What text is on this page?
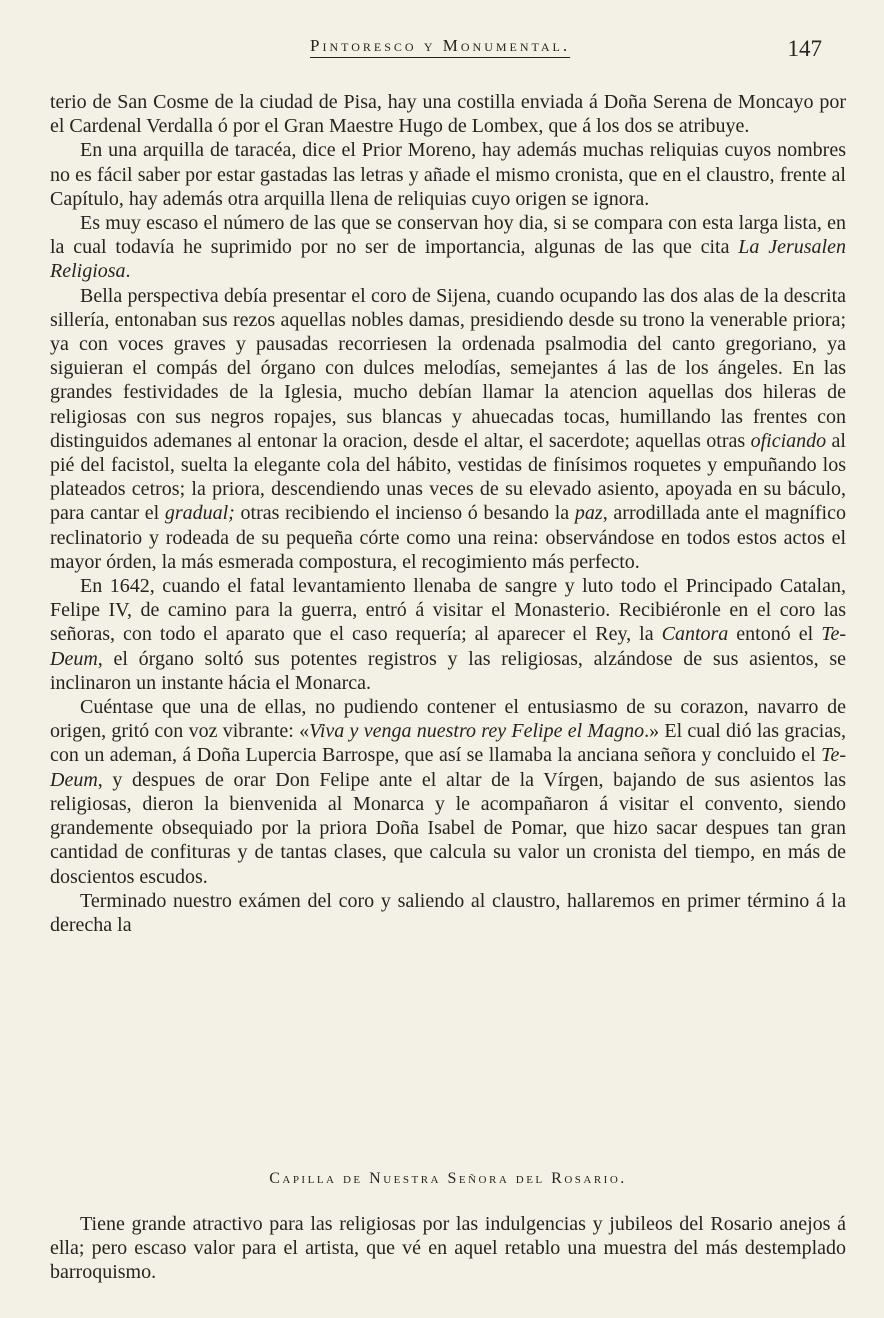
Pintoresco y Monumental.	147

terio de San Cosme de la ciudad de Pisa, hay una costilla enviada á Doña Serena de Moncayo por el Cardenal Verdalla ó por el Gran Maestre Hugo de Lombex, que á los dos se atribuye.

En una arquilla de taracéa, dice el Prior Moreno, hay además muchas reliquias cuyos nombres no es fácil saber por estar gastadas las letras y añade el mismo cronista, que en el claustro, frente al Capítulo, hay además otra arquilla llena de reliquias cuyo origen se ignora.

Es muy escaso el número de las que se conservan hoy dia, si se compara con esta larga lista, en la cual todavía he suprimido por no ser de importancia, algunas de las que cita La Jerusalen Religiosa.

Bella perspectiva debía presentar el coro de Sijena, cuando ocupando las dos alas de la descrita sillería, entonaban sus rezos aquellas nobles damas, presidiendo desde su trono la venerable priora; ya con voces graves y pausadas recorriesen la ordenada psalmodia del canto gregoriano, ya siguieran el compás del órgano con dulces melodías, semejantes á las de los ángeles. En las grandes festividades de la Iglesia, mucho debían llamar la atencion aquellas dos hileras de religiosas con sus negros ropajes, sus blancas y ahuecadas tocas, humillando las frentes con distinguidos ademanes al entonar la oracion, desde el altar, el sacerdote; aquellas otras oficiando al pié del facistol, suelta la elegante cola del hábito, vestidas de finísimos roquetes y empuñando los plateados cetros; la priora, descendiendo unas veces de su elevado asiento, apoyada en su báculo, para cantar el gradual; otras recibiendo el incienso ó besando la paz, arrodillada ante el magnífico reclinatorio y rodeada de su pequeña córte como una reina: observándose en todos estos actos el mayor órden, la más esmerada compostura, el recogimiento más perfecto.

En 1642, cuando el fatal levantamiento llenaba de sangre y luto todo el Principado Catalan, Felipe IV, de camino para la guerra, entró á visitar el Monasterio. Recibiéronle en el coro las señoras, con todo el aparato que el caso requería; al aparecer el Rey, la Cantora entonó el Te-Deum, el órgano soltó sus potentes registros y las religiosas, alzándose de sus asientos, se inclinaron un instante hácia el Monarca.

Cuéntase que una de ellas, no pudiendo contener el entusiasmo de su corazon, navarro de origen, gritó con voz vibrante: «Viva y venga nuestro rey Felipe el Magno.» El cual dió las gracias, con un ademan, á Doña Lupercia Barrospe, que así se llamaba la anciana señora y concluido el Te-Deum, y despues de orar Don Felipe ante el altar de la Vírgen, bajando de sus asientos las religiosas, dieron la bienvenida al Monarca y le acompañaron á visitar el convento, siendo grandemente obsequiado por la priora Doña Isabel de Pomar, que hizo sacar despues tan gran cantidad de confituras y de tantas clases, que calcula su valor un cronista del tiempo, en más de doscientos escudos.

Terminado nuestro exámen del coro y saliendo al claustro, hallaremos en primer término á la derecha la

Capilla de Nuestra Señora del Rosario.

Tiene grande atractivo para las religiosas por las indulgencias y jubileos del Rosario anejos á ella; pero escaso valor para el artista, que vé en aquel retablo una muestra del más destemplado barroquismo.
